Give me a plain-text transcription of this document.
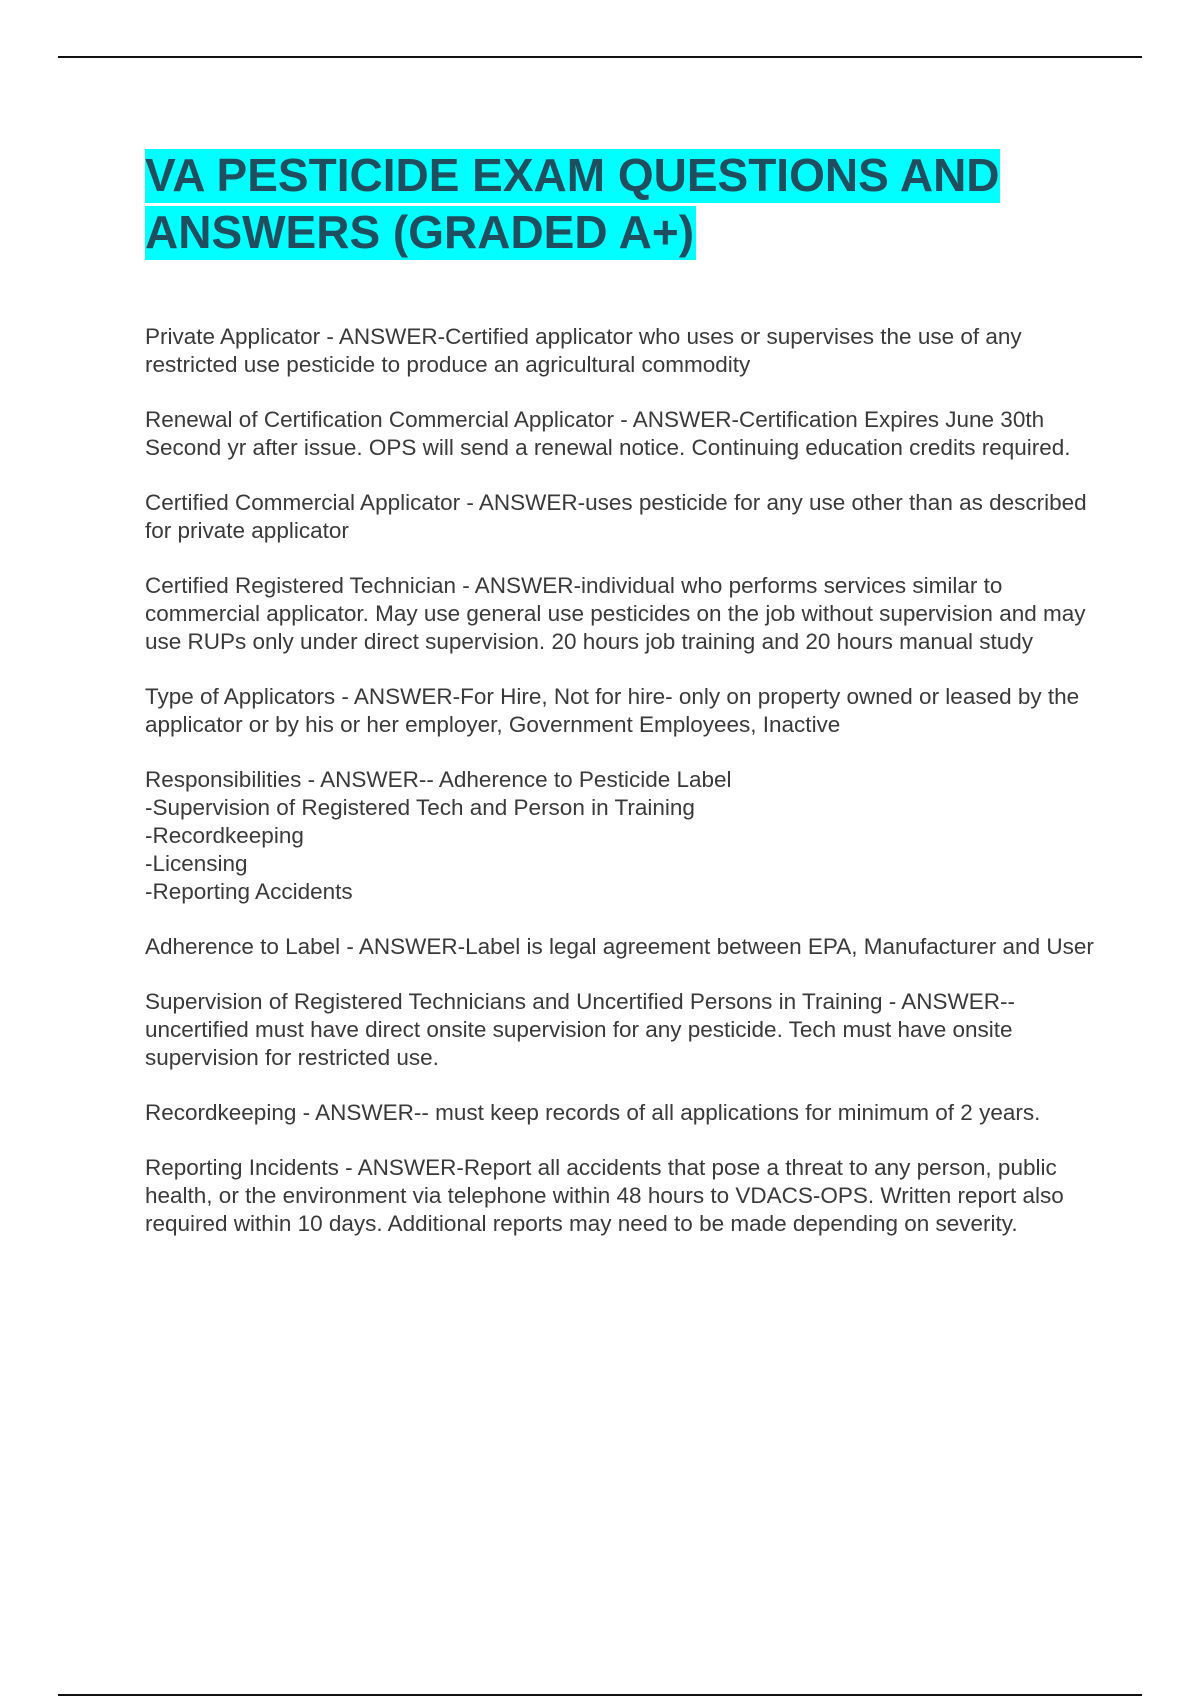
VA PESTICIDE EXAM QUESTIONS AND ANSWERS (GRADED A+)

Private Applicator - ANSWER-Certified applicator who uses or supervises the use of any restricted use pesticide to produce an agricultural commodity

Renewal of Certification Commercial Applicator - ANSWER-Certification Expires June 30th Second yr after issue. OPS will send a renewal notice. Continuing education credits required.

Certified Commercial Applicator - ANSWER-uses pesticide for any use other than as described for private applicator

Certified Registered Technician - ANSWER-individual who performs services similar to commercial applicator. May use general use pesticides on the job without supervision and may use RUPs only under direct supervision. 20 hours job training and 20 hours manual study

Type of Applicators - ANSWER-For Hire, Not for hire- only on property owned or leased by the applicator or by his or her employer, Government Employees, Inactive

Responsibilities - ANSWER-- Adherence to Pesticide Label
-Supervision of Registered Tech and Person in Training
-Recordkeeping
-Licensing
-Reporting Accidents

Adherence to Label - ANSWER-Label is legal agreement between EPA, Manufacturer and User

Supervision of Registered Technicians and Uncertified Persons in Training - ANSWER--uncertified must have direct onsite supervision for any pesticide. Tech must have onsite supervision for restricted use.

Recordkeeping - ANSWER-- must keep records of all applications for minimum of 2 years.

Reporting Incidents - ANSWER-Report all accidents that pose a threat to any person, public health, or the environment via telephone within 48 hours to VDACS-OPS. Written report also required within 10 days. Additional reports may need to be made depending on severity.
